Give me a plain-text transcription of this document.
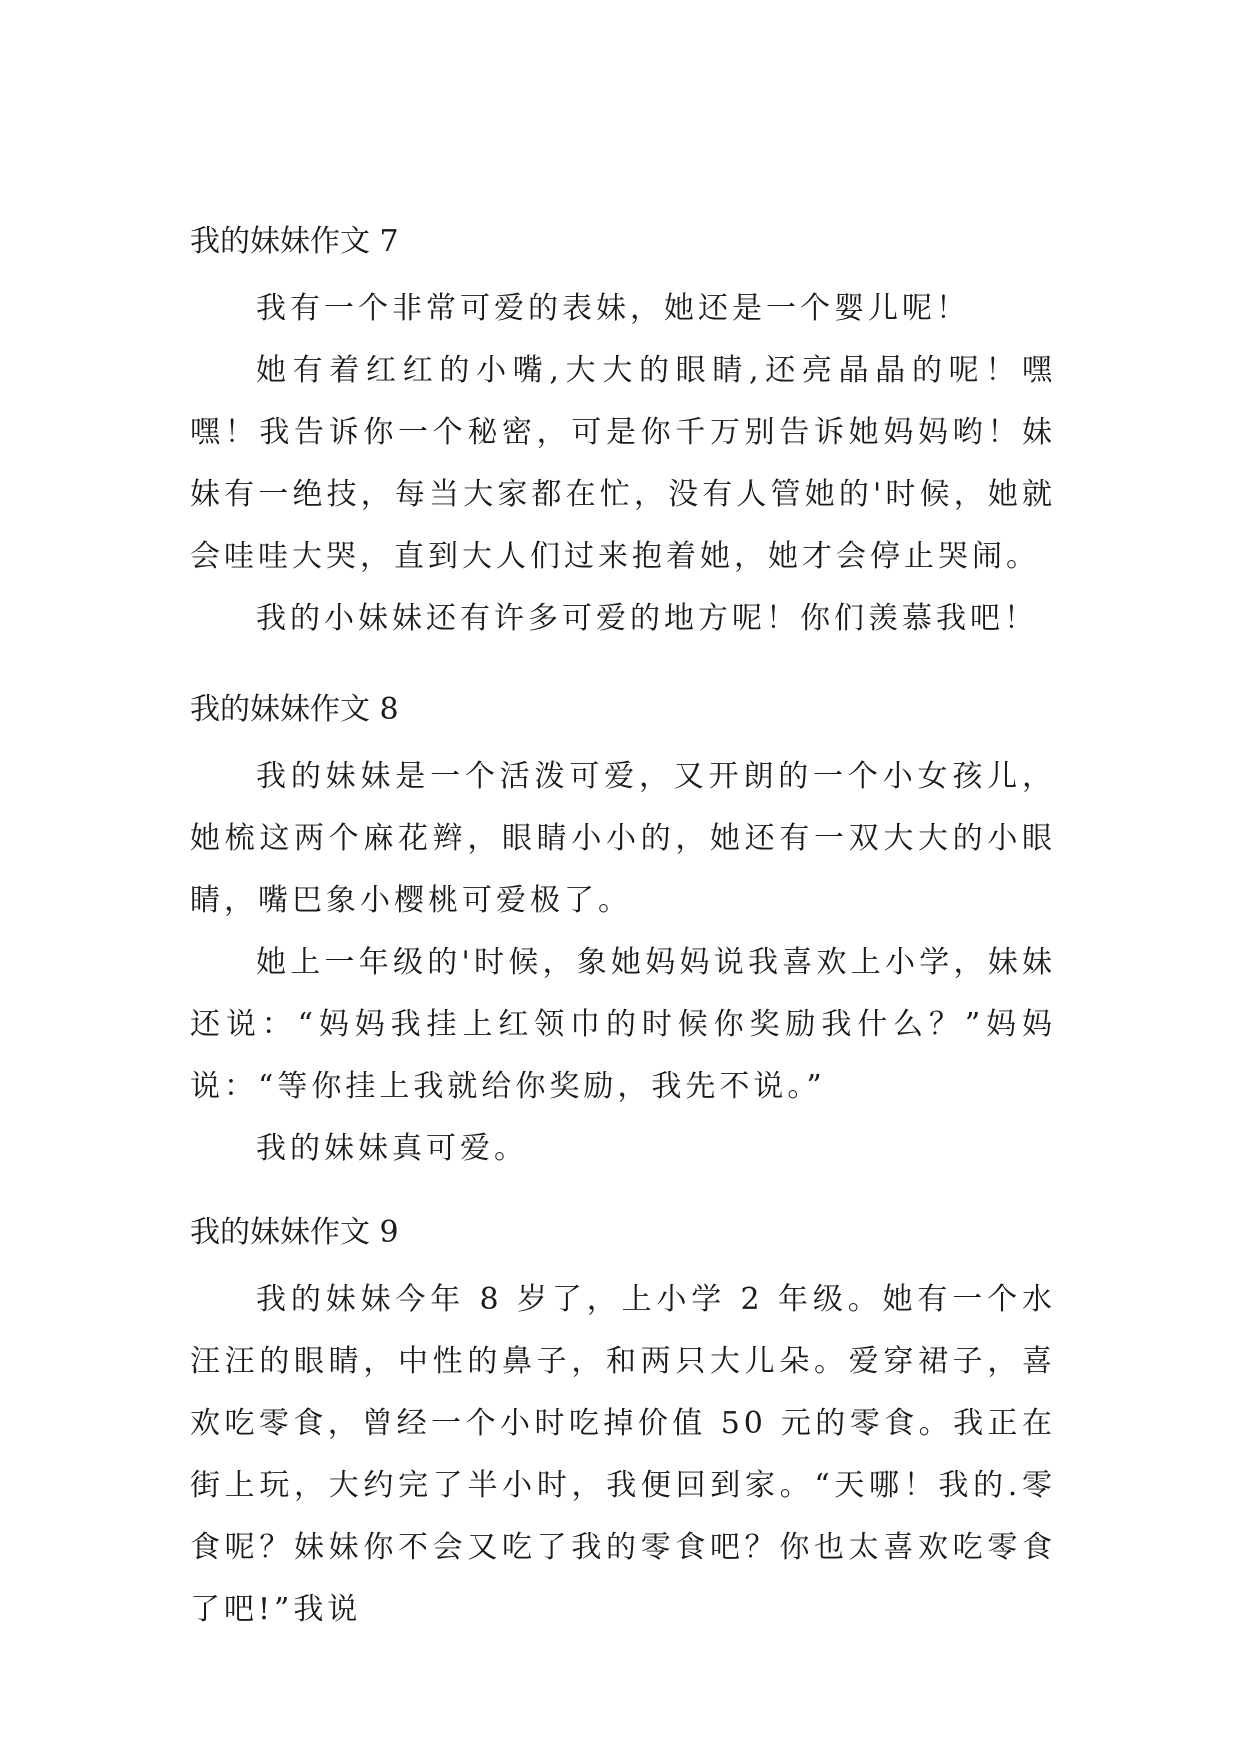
我的妹妹作文 7

我有一个非常可爱的表妹，她还是一个婴儿呢！

她有着红红的小嘴,大大的眼睛,还亮晶晶的呢！嘿嘿！我告诉你一个秘密，可是你千万别告诉她妈妈哟！妹妹有一绝技，每当大家都在忙，没有人管她的'时候，她就会哇哇大哭，直到大人们过来抱着她，她才会停止哭闹。

我的小妹妹还有许多可爱的地方呢！你们羡慕我吧！

我的妹妹作文 8

我的妹妹是一个活泼可爱，又开朗的一个小女孩儿，她梳这两个麻花辫，眼睛小小的，她还有一双大大的小眼睛，嘴巴象小樱桃可爱极了。

她上一年级的'时候，象她妈妈说我喜欢上小学，妹妹还说：“妈妈我挂上红领巾的时候你奖励我什么？”妈妈说：“等你挂上我就给你奖励，我先不说。”

我的妹妹真可爱。

我的妹妹作文 9

我的妹妹今年 8 岁了，上小学 2 年级。她有一个水汪汪的眼睛，中性的鼻子，和两只大儿朵。爱穿裙子，喜欢吃零食，曾经一个小时吃掉价值 50 元的零食。我正在街上玩，大约完了半小时，我便回到家。“天哪！我的.零食呢？妹妹你不会又吃了我的零食吧？你也太喜欢吃零食了吧!”我说
